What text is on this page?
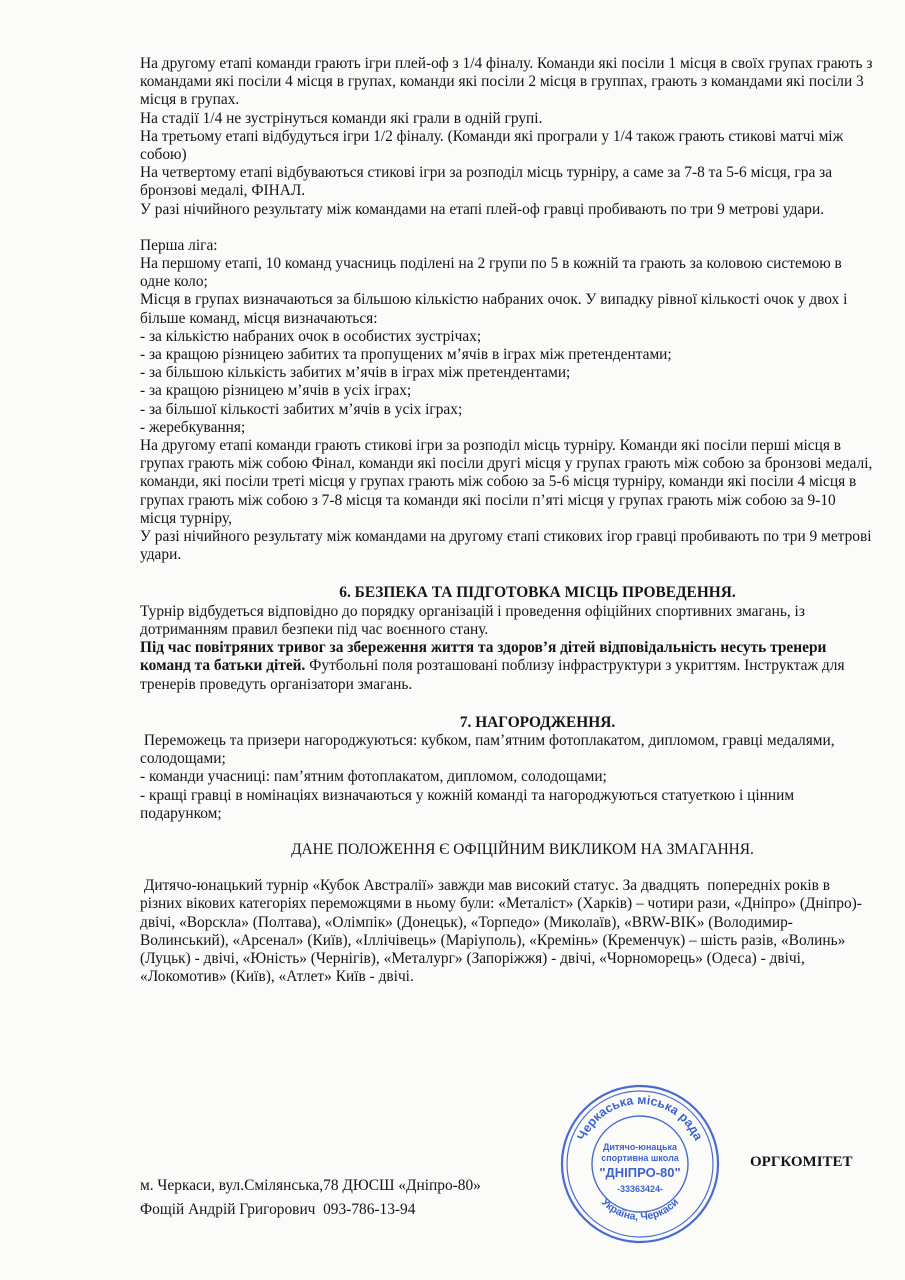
На другому етапі команди грають ігри плей-оф з 1/4 фіналу. Команди які посіли 1 місця в своїх групах грають з командами які посіли 4 місця в групах, команди які посіли 2 місця в группах, грають з командами які посіли 3 місця в групах.

На стадії 1/4 не зустрінуться команди які грали в одній групі.

На третьому етапі відбудуться ігри 1/2 фіналу. (Команди які програли у 1/4 також грають стикові матчі між собою)

На четвертому етапі відбуваються стикові ігри за розподіл місць турніру, а саме за 7-8 та 5-6 місця, гра за бронзові медалі, ФІНАЛ.

У разі нічийного результату між командами на етапі плей-оф гравці пробивають по три 9 метрові удари.

Перша ліга:

На першому етапі, 10 команд учасниць поділені на 2 групи по 5 в кожній та грають за коловою системою в одне коло;

Місця в групах визначаються за більшою кількістю набраних очок. У випадку рівної кількості очок у двох і більше команд, місця визначаються:

- за кількістю набраних очок в особистих зустрічах;

- за кращою різницею забитих та пропущених м’ячів в іграх між претендентами;

- за більшою кількість забитих м’ячів в іграх між претендентами;

- за кращою різницею м’ячів в усіх іграх;

- за більшої кількості забитих м’ячів в усіх іграх;

- жеребкування;

На другому етапі команди грають стикові ігри за розподіл місць турніру. Команди які посіли перші місця в групах грають між собою Фінал, команди які посіли другі місця у групах грають між собою за бронзові медалі, команди, які посіли треті місця у групах грають між собою за 5-6 місця турніру, команди які посіли 4 місця в групах грають між собою з 7-8 місця та команди які посіли п’яті місця у групах грають між собою за 9-10 місця турніру,

У разі нічийного результату між командами на другому єтапі стикових ігор гравці пробивають по три 9 метрові удари.

6. БЕЗПЕКА ТА ПІДГОТОВКА МІСЦЬ ПРОВЕДЕННЯ.

Турнір відбудеться відповідно до порядку організацій і проведення офіційних спортивних змагань, із дотриманням правил безпеки під час воєнного стану.

Під час повітряних тривог за збереження життя та здоров’я дітей відповідальність несуть тренери команд та батьки дітей. Футбольні поля розташовані поблизу інфраструктури з укриттям. Інструктаж для тренерів проведуть організатори змагань.

7. НАГОРОДЖЕННЯ.

Переможець та призери нагороджуються: кубком, пам’ятним фотоплакатом, дипломом, гравці медалями, солодощами;

- команди учасниці: пам’ятним фотоплакатом, дипломом, солодощами;

- кращі гравці в номінаціях визначаються у кожній команді та нагороджуються статуеткою і цінним подарунком;

ДАНЕ ПОЛОЖЕННЯ Є ОФІЦІЙНИМ ВИКЛИКОМ НА ЗМАГАННЯ.

Дитячо-юнацький турнір «Кубок Австралії» завжди мав високий статус. За двадцять  попередніх років в різних вікових категоріях переможцями в ньому були: «Металіст» (Харків) – чотири рази, «Дніпро» (Дніпро)- двічі, «Ворскла» (Полтава), «Олімпік» (Донецьк), «Торпедо» (Миколаїв), «BRW-BIK» (Володимир-Волинський), «Арсенал» (Київ), «Іллічівець» (Маріуполь), «Кремінь» (Кременчук) – шість разів, «Волинь» (Луцьк) - двічі, «Юність» (Чернігів), «Металург» (Запоріжжя) - двічі, «Чорноморець» (Одеса) - двічі, «Локомотив» (Київ), «Атлет» Київ - двічі.

ОРГКОМІТЕТ
м. Черкаси, вул.Смілянська,78 ДЮСШ «Дніпро-80»
Фощій Андрій Григорович  093-786-13-94
Черкаська міська рада
Україна, Черкаси
Дитячо-юнацька
спортивна школа
"ДНІПРО-80"
-33363424-
